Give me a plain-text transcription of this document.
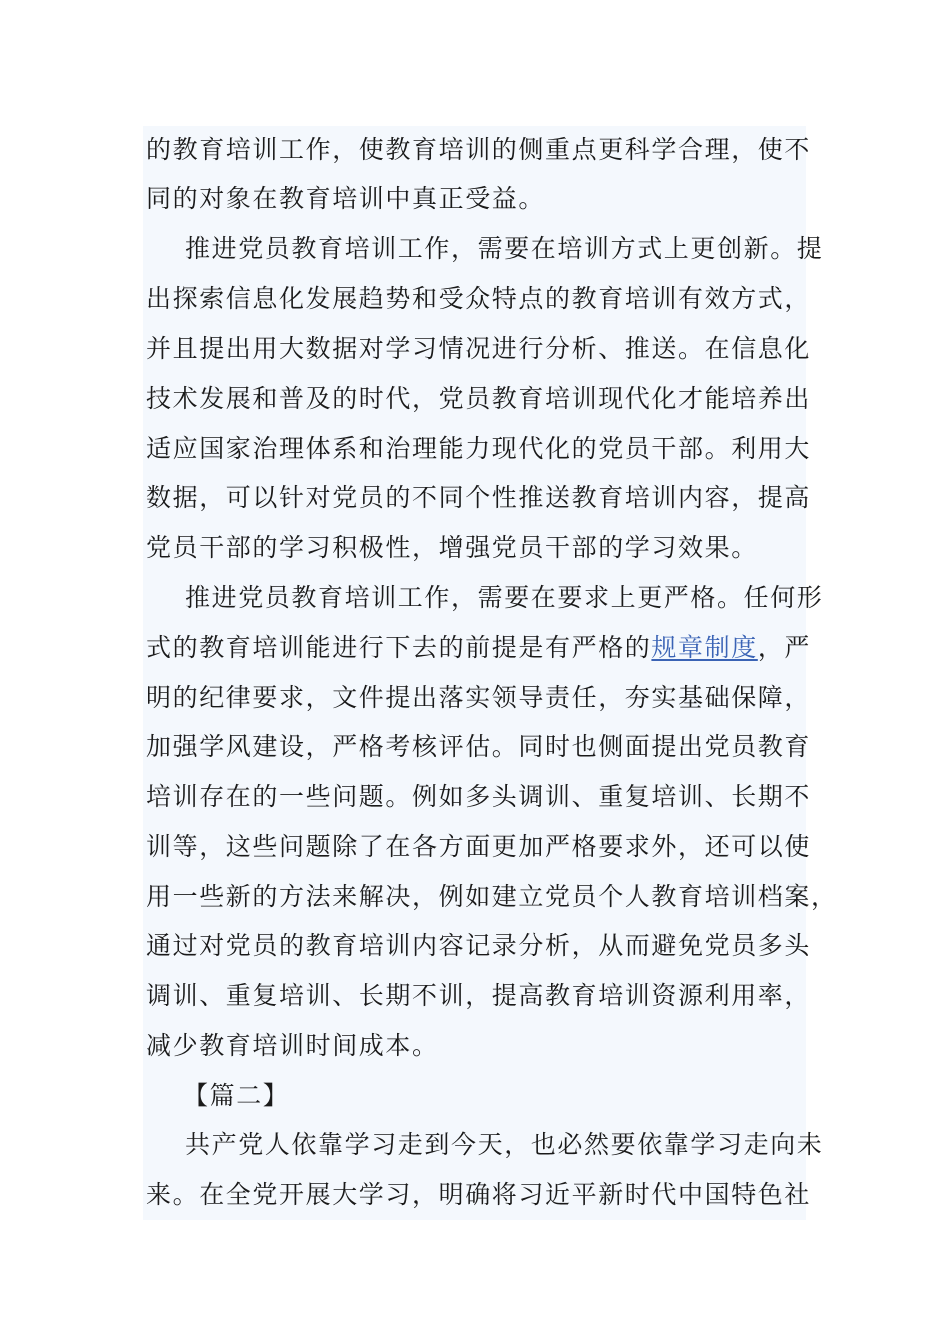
的教育培训工作，使教育培训的侧重点更科学合理，使不
同的对象在教育培训中真正受益。
推进党员教育培训工作，需要在培训方式上更创新。提
出探索信息化发展趋势和受众特点的教育培训有效方式，
并且提出用大数据对学习情况进行分析、推送。在信息化
技术发展和普及的时代，党员教育培训现代化才能培养出
适应国家治理体系和治理能力现代化的党员干部。利用大
数据，可以针对党员的不同个性推送教育培训内容，提高
党员干部的学习积极性，增强党员干部的学习效果。
推进党员教育培训工作，需要在要求上更严格。任何形
式的教育培训能进行下去的前提是有严格的规章制度，严
明的纪律要求，文件提出落实领导责任，夯实基础保障，
加强学风建设，严格考核评估。同时也侧面提出党员教育
培训存在的一些问题。例如多头调训、重复培训、长期不
训等，这些问题除了在各方面更加严格要求外，还可以使
用一些新的方法来解决，例如建立党员个人教育培训档案，
通过对党员的教育培训内容记录分析，从而避免党员多头
调训、重复培训、长期不训，提高教育培训资源利用率，
减少教育培训时间成本。
【篇二】
共产党人依靠学习走到今天，也必然要依靠学习走向未
来。在全党开展大学习，明确将习近平新时代中国特色社
